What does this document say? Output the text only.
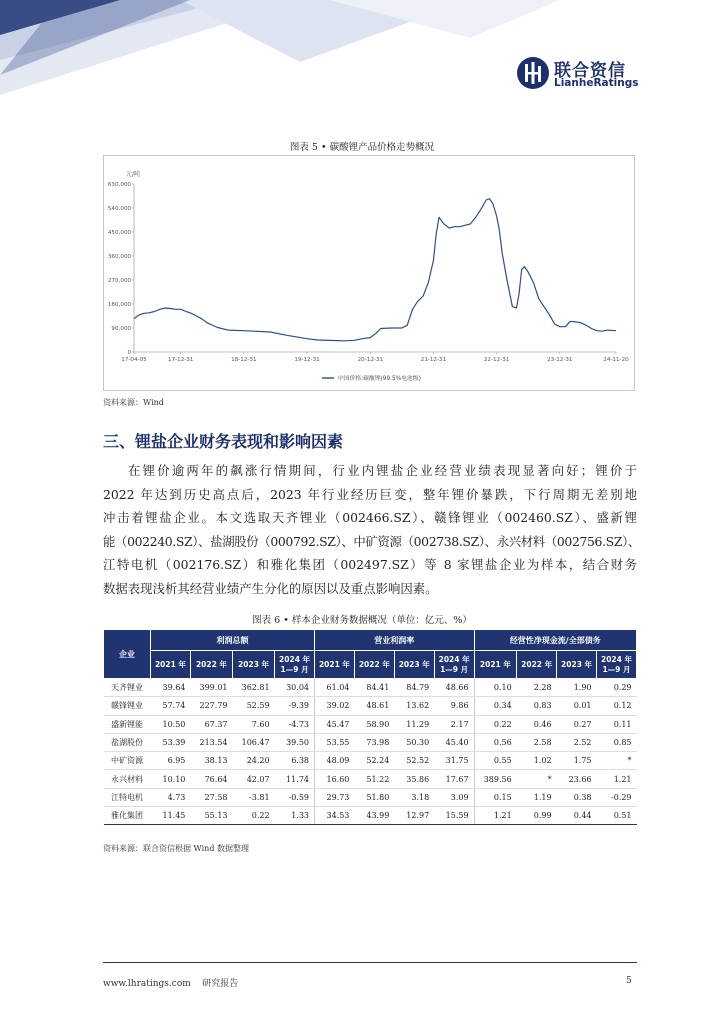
联合资信
LianheRatings
图表 5 • 碳酸锂产品价格走势概况
元/吨
630,000
540,000
450,000
360,000
270,000
180,000
90,000
0
17-04-05	17-12-31	18-12-31	19-12-31	20-12-31	21-12-31	22-12-31	23-12-31	24-11-20
中国价格:碳酸锂(99.5%电池级)
资料来源：Wind
三、锂盐企业财务表现和影响因素
在锂价逾两年的飙涨行情期间，行业内锂盐企业经营业绩表现显著向好；锂价于
2022 年达到历史高点后，2023 年行业经历巨变，整年锂价暴跌，下行周期无差别地
冲击着锂盐企业。本文选取天齐锂业（002466.SZ）、赣锋锂业（002460.SZ）、盛新锂
能（002240.SZ）、盐湖股份（000792.SZ）、中矿资源（002738.SZ）、永兴材料（002756.SZ）、
江特电机（002176.SZ）和雅化集团（002497.SZ）等 8 家锂盐企业为样本，结合财务
数据表现浅析其经营业绩产生分化的原因以及重点影响因素。
图表 6 • 样本企业财务数据概况（单位：亿元、%）
企业	利润总额				营业利润率				经营性净现金流/全部债务			
	2021 年	2022 年	2023 年	2024 年
1—9 月	2021 年	2022 年	2023 年	2024 年
1—9 月	2021 年	2022 年	2023 年	2024 年
1—9 月
天齐锂业	39.64	399.01	362.81	30.04	61.04	84.41	84.79	48.66	0.10	2.28	1.90	0.29
赣锋锂业	57.74	227.79	52.59	-9.39	39.02	48.61	13.62	9.86	0.34	0.83	0.01	0.12
盛新锂能	10.50	67.37	7.60	-4.73	45.47	58.90	11.29	2.17	0.22	0.46	0.27	0.11
盐湖股份	53.39	213.54	106.47	39.50	53.55	73.98	50.30	45.40	0.56	2.58	2.52	0.85
中矿资源	6.95	38.13	24.20	6.38	48.09	52.24	52.52	31.75	0.55	1.02	1.75	*
永兴材料	10.10	76.64	42.07	11.74	16.60	51.22	35.86	17.67	389.56	*	23.66	1.21
江特电机	4.73	27.58	-3.81	-0.59	29.73	51.80	3.18	3.09	0.15	1.19	0.38	-0.29
雅化集团	11.45	55.13	0.22	1.33	34.53	43.99	12.97	15.59	1.21	0.99	0.44	0.51
资料来源：联合资信根据 Wind 数据整理
www.lhratings.com 研究报告	5
